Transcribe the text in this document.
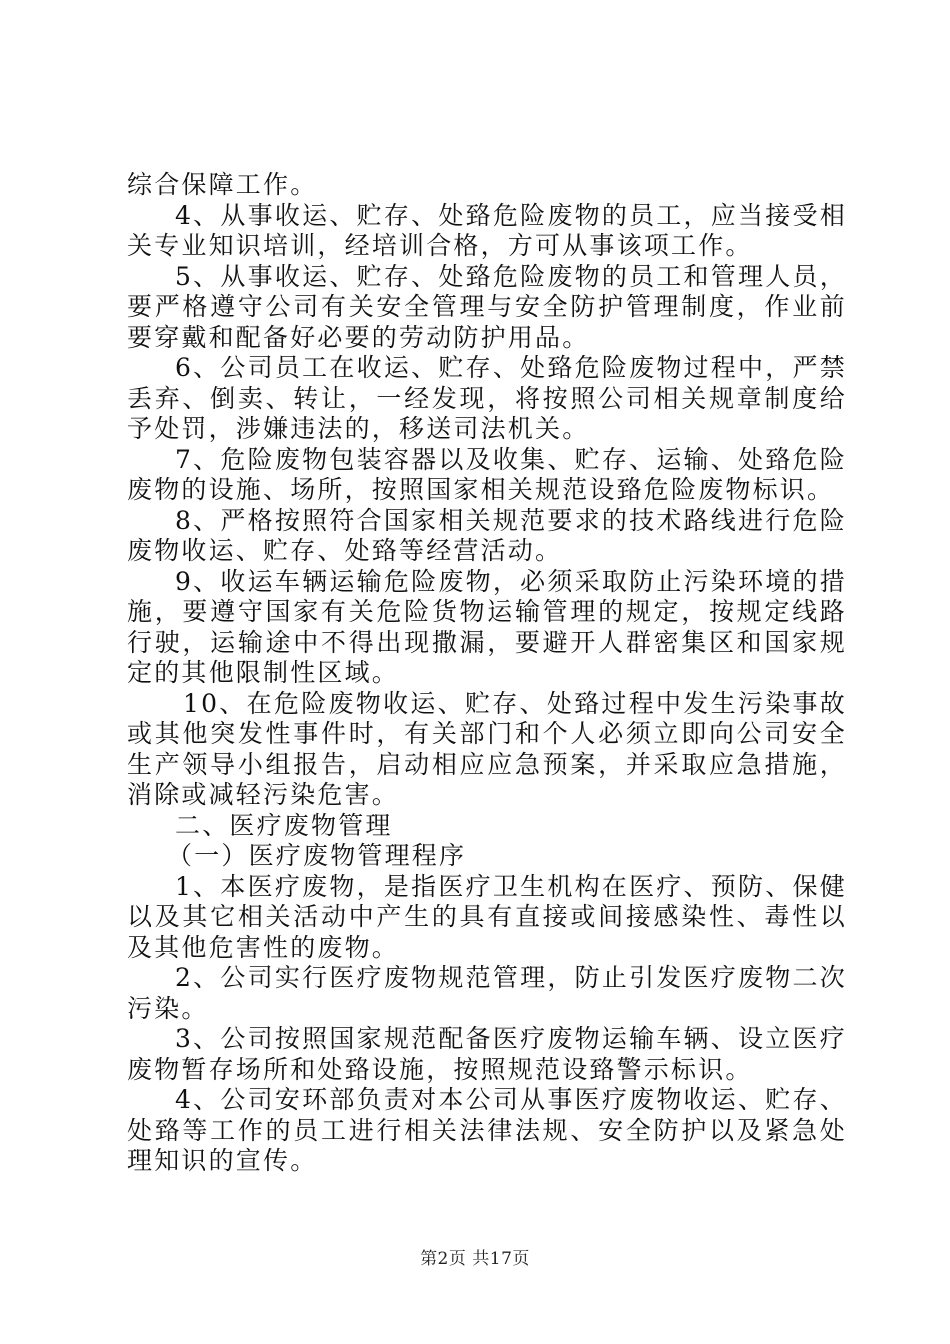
综合保障工作。

4、从事收运、贮存、处臵危险废物的员工，应当接受相关专业知识培训，经培训合格，方可从事该项工作。

5、从事收运、贮存、处臵危险废物的员工和管理人员，要严格遵守公司有关安全管理与安全防护管理制度，作业前要穿戴和配备好必要的劳动防护用品。

6、公司员工在收运、贮存、处臵危险废物过程中，严禁丢弃、倒卖、转让，一经发现，将按照公司相关规章制度给予处罚，涉嫌违法的，移送司法机关。

7、危险废物包装容器以及收集、贮存、运输、处臵危险废物的设施、场所，按照国家相关规范设臵危险废物标识。

8、严格按照符合国家相关规范要求的技术路线进行危险废物收运、贮存、处臵等经营活动。

9、收运车辆运输危险废物，必须采取防止污染环境的措施，要遵守国家有关危险货物运输管理的规定，按规定线路行驶，运输途中不得出现撒漏，要避开人群密集区和国家规定的其他限制性区域。

10、在危险废物收运、贮存、处臵过程中发生污染事故或其他突发性事件时，有关部门和个人必须立即向公司安全生产领导小组报告，启动相应应急预案，并采取应急措施，消除或减轻污染危害。

二、医疗废物管理

（一）医疗废物管理程序

1、本医疗废物，是指医疗卫生机构在医疗、预防、保健以及其它相关活动中产生的具有直接或间接感染性、毒性以及其他危害性的废物。

2、公司实行医疗废物规范管理，防止引发医疗废物二次污染。

3、公司按照国家规范配备医疗废物运输车辆、设立医疗废物暂存场所和处臵设施，按照规范设臵警示标识。

4、公司安环部负责对本公司从事医疗废物收运、贮存、处臵等工作的员工进行相关法律法规、安全防护以及紧急处理知识的宣传。

第2页 共17页
